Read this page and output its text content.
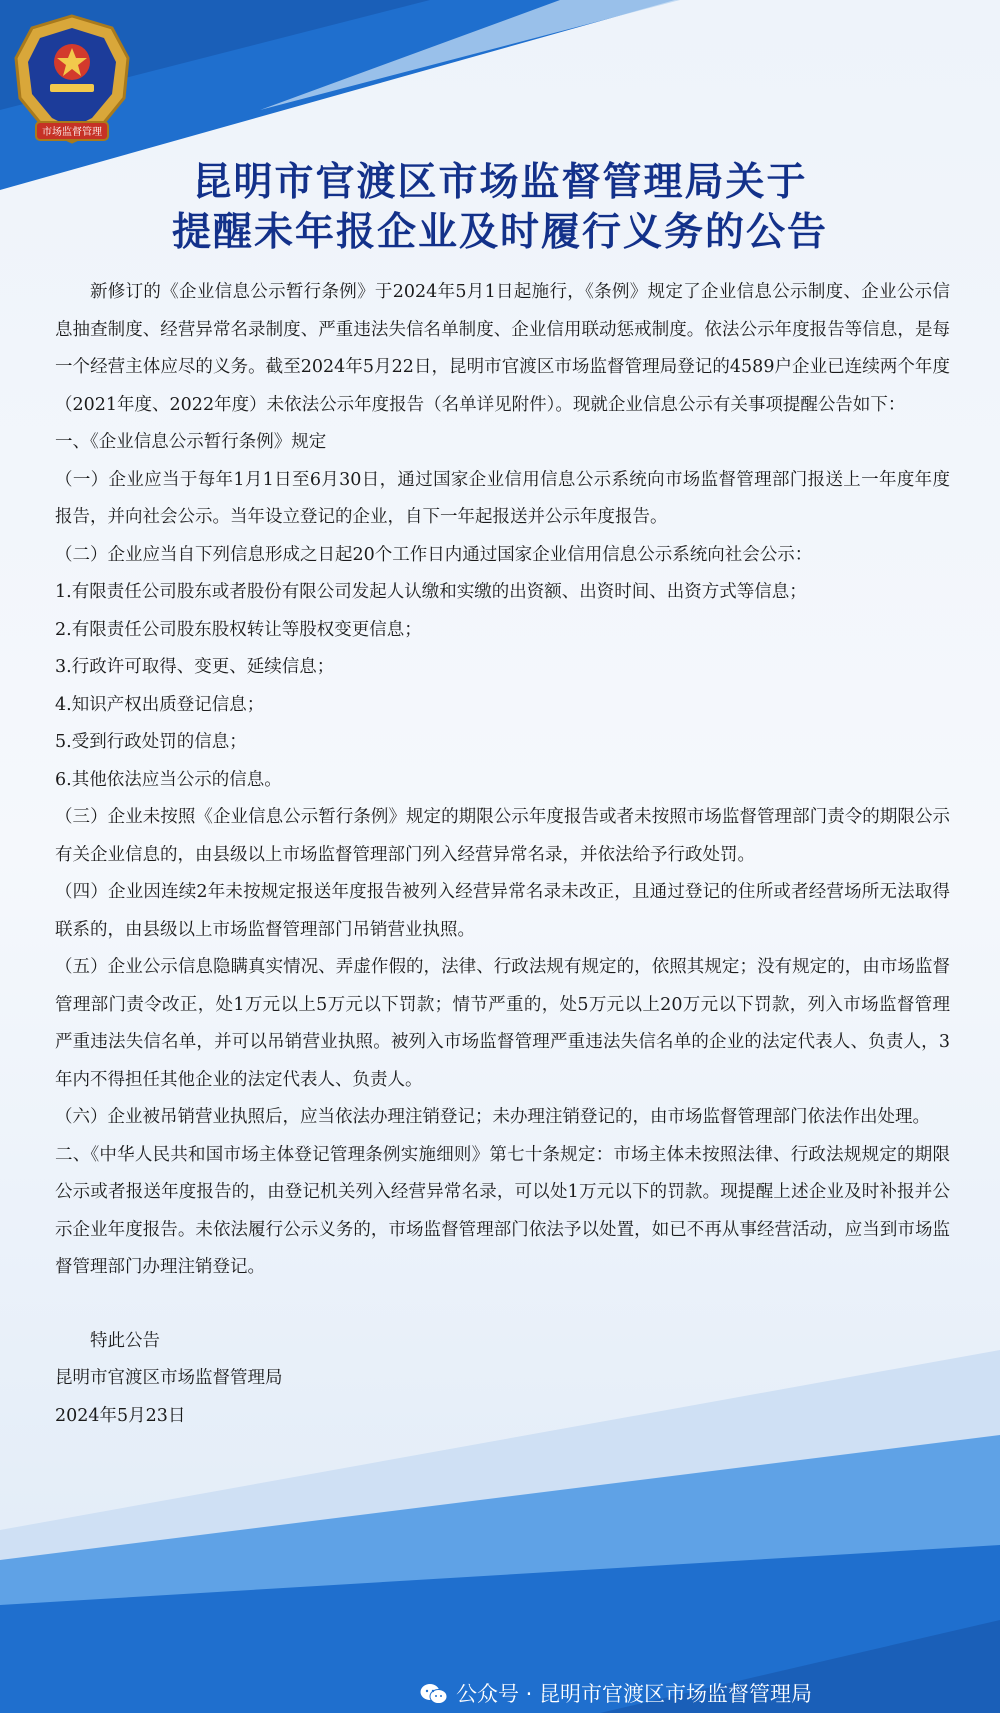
市场监督管理
昆明市官渡区市场监督管理局关于
提醒未年报企业及时履行义务的公告

新修订的《企业信息公示暂行条例》于2024年5月1日起施行，《条例》规定了企业信息公示制度、企业公示信息抽查制度、经营异常名录制度、严重违法失信名单制度、企业信用联动惩戒制度。依法公示年度报告等信息，是每一个经营主体应尽的义务。截至2024年5月22日，昆明市官渡区市场监督管理局登记的4589户企业已连续两个年度（2021年度、2022年度）未依法公示年度报告（名单详见附件）。现就企业信息公示有关事项提醒公告如下：

一、《企业信息公示暂行条例》规定

（一）企业应当于每年1月1日至6月30日，通过国家企业信用信息公示系统向市场监督管理部门报送上一年度年度报告，并向社会公示。当年设立登记的企业，自下一年起报送并公示年度报告。

（二）企业应当自下列信息形成之日起20个工作日内通过国家企业信用信息公示系统向社会公示：

1.有限责任公司股东或者股份有限公司发起人认缴和实缴的出资额、出资时间、出资方式等信息；

2.有限责任公司股东股权转让等股权变更信息；

3.行政许可取得、变更、延续信息；

4.知识产权出质登记信息；

5.受到行政处罚的信息；

6.其他依法应当公示的信息。

（三）企业未按照《企业信息公示暂行条例》规定的期限公示年度报告或者未按照市场监督管理部门责令的期限公示有关企业信息的，由县级以上市场监督管理部门列入经营异常名录，并依法给予行政处罚。

（四）企业因连续2年未按规定报送年度报告被列入经营异常名录未改正，且通过登记的住所或者经营场所无法取得联系的，由县级以上市场监督管理部门吊销营业执照。

（五）企业公示信息隐瞒真实情况、弄虚作假的，法律、行政法规有规定的，依照其规定；没有规定的，由市场监督管理部门责令改正，处1万元以上5万元以下罚款；情节严重的，处5万元以上20万元以下罚款，列入市场监督管理严重违法失信名单，并可以吊销营业执照。被列入市场监督管理严重违法失信名单的企业的法定代表人、负责人，3年内不得担任其他企业的法定代表人、负责人。

（六）企业被吊销营业执照后，应当依法办理注销登记；未办理注销登记的，由市场监督管理部门依法作出处理。

二、《中华人民共和国市场主体登记管理条例实施细则》第七十条规定：市场主体未按照法律、行政法规规定的期限公示或者报送年度报告的，由登记机关列入经营异常名录，可以处1万元以下的罚款。现提醒上述企业及时补报并公示企业年度报告。未依法履行公示义务的，市场监督管理部门依法予以处置，如已不再从事经营活动，应当到市场监督管理部门办理注销登记。

特此公告

昆明市官渡区市场监督管理局

2024年5月23日

公众号 · 昆明市官渡区市场监督管理局
